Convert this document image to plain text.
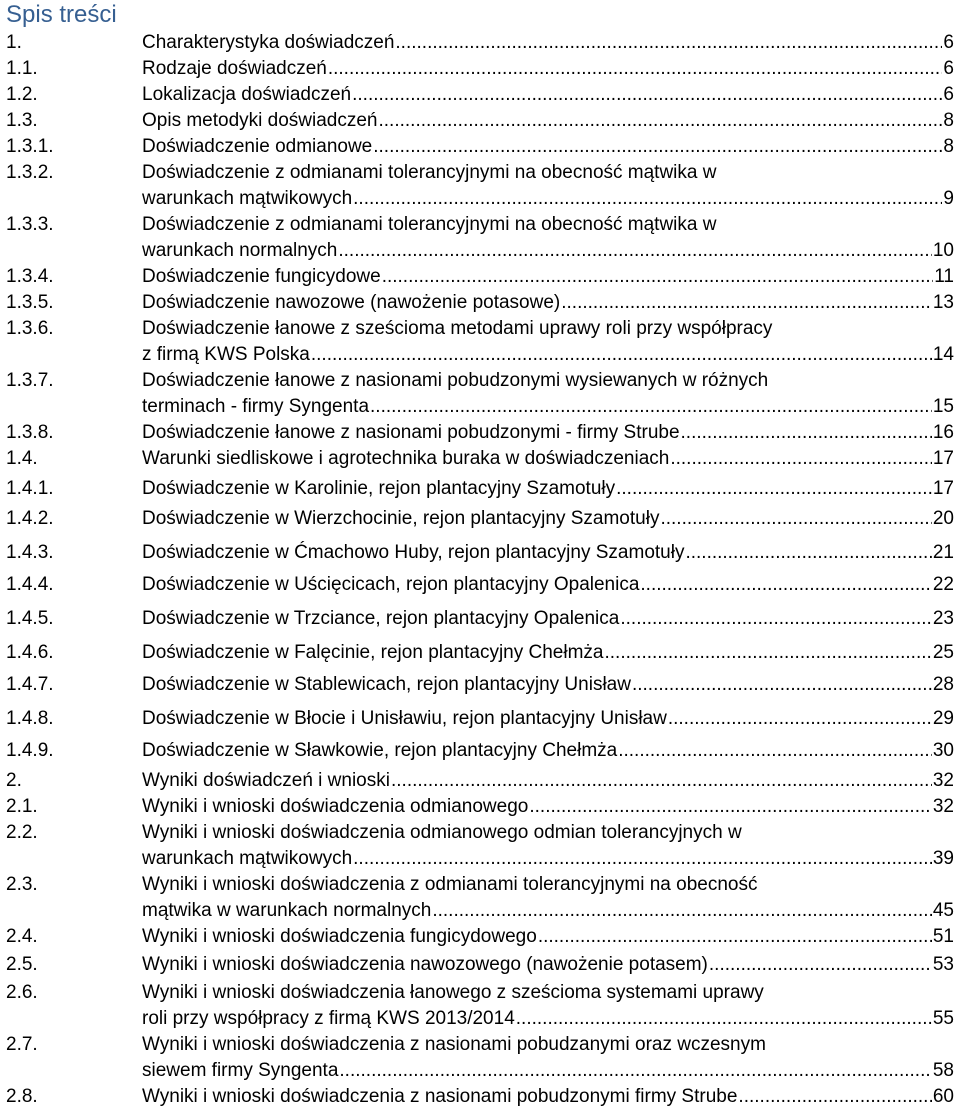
Spis treści
1.	Charakterystyka doświadczeń .....	6
1.1.	Rodzaje doświadczeń .....	6
1.2.	Lokalizacja doświadczeń .....	6
1.3.	Opis metodyki doświadczeń .....	8
1.3.1.	Doświadczenie odmianowe .....	8
1.3.2.	Doświadczenie z odmianami tolerancyjnymi na obecność mątwika w
warunkach mątwikowych .....	9
1.3.3.	Doświadczenie z odmianami tolerancyjnymi na obecność mątwika w
warunkach normalnych .....	10
1.3.4.	Doświadczenie fungicydowe .....	11
1.3.5.	Doświadczenie nawozowe (nawożenie potasowe) .....	13
1.3.6.	Doświadczenie łanowe z sześcioma metodami uprawy roli przy współpracy
z firmą KWS Polska .....	14
1.3.7.	Doświadczenie łanowe z nasionami pobudzonymi wysiewanych w różnych
terminach - firmy Syngenta .....	15
1.3.8.	Doświadczenie łanowe z nasionami pobudzonymi - firmy Strube .....	16
1.4.	Warunki siedliskowe i agrotechnika buraka w doświadczeniach .....	17
1.4.1.	Doświadczenie w Karolinie, rejon plantacyjny Szamotuły .....	17
1.4.2.	Doświadczenie w Wierzchocinie, rejon plantacyjny Szamotuły .....	20
1.4.3.	Doświadczenie w Ćmachowo Huby, rejon plantacyjny Szamotuły .....	21
1.4.4.	Doświadczenie w Uścięcicach, rejon plantacyjny Opalenica .....	22
1.4.5.	Doświadczenie w Trzciance, rejon plantacyjny Opalenica .....	23
1.4.6.	Doświadczenie w Falęcinie, rejon plantacyjny Chełmża .....	25
1.4.7.	Doświadczenie w Stablewicach, rejon plantacyjny Unisław .....	28
1.4.8.	Doświadczenie w Błocie i Unisławiu, rejon plantacyjny Unisław .....	29
1.4.9.	Doświadczenie w Sławkowie, rejon plantacyjny Chełmża .....	30
2.	Wyniki doświadczeń i wnioski .....	32
2.1.	Wyniki i wnioski doświadczenia odmianowego .....	32
2.2.	Wyniki i wnioski doświadczenia odmianowego odmian tolerancyjnych w
warunkach mątwikowych .....	39
2.3.	Wyniki i wnioski doświadczenia z odmianami tolerancyjnymi na obecność
mątwika w warunkach normalnych .....	45
2.4.	Wyniki i wnioski doświadczenia fungicydowego .....	51
2.5.	Wyniki i wnioski doświadczenia nawozowego (nawożenie potasem) .....	53
2.6.	Wyniki i wnioski doświadczenia łanowego z sześcioma systemami uprawy
roli przy współpracy z firmą KWS 2013/2014 .....	55
2.7.	Wyniki i wnioski doświadczenia z nasionami pobudzanymi oraz wczesnym
siewem firmy Syngenta .....	58
2.8.	Wyniki i wnioski doświadczenia z nasionami pobudzonymi firmy Strube .....	60
